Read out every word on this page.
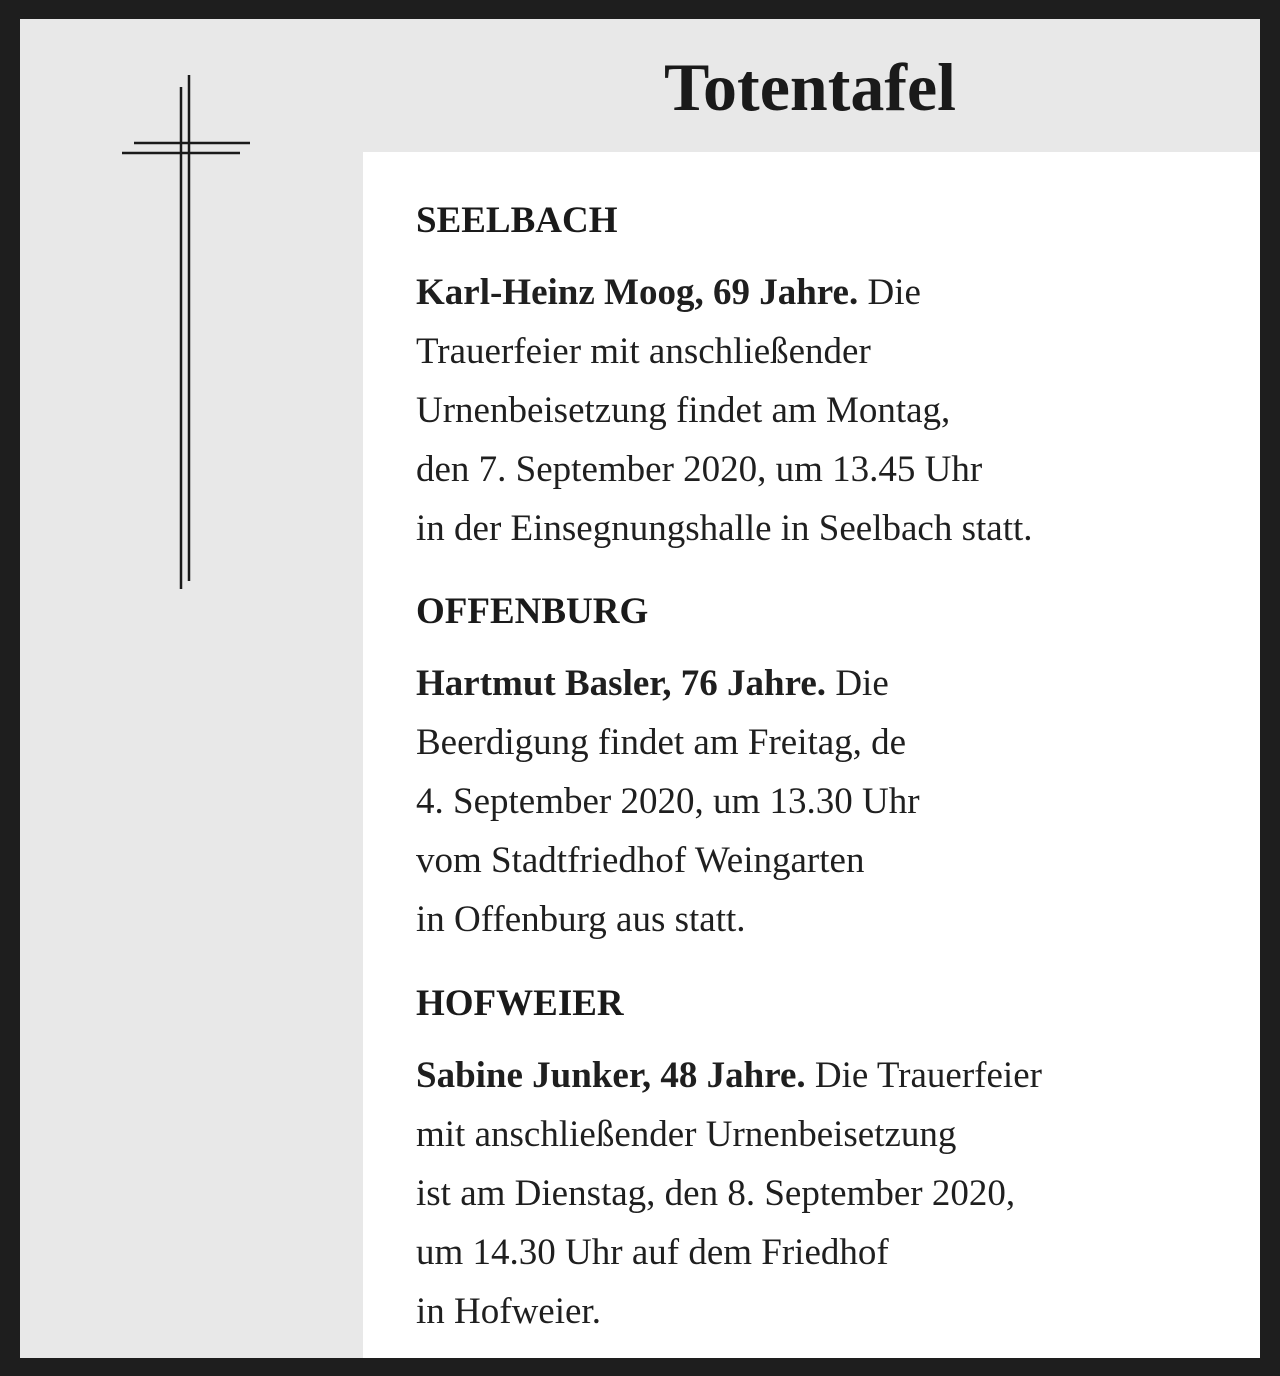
Totentafel
SEELBACH

Karl-Heinz Moog, 69 Jahre. Die
Trauerfeier mit anschließender
Urnenbeisetzung findet am Montag,
den 7. September 2020, um 13.45 Uhr
in der Einsegnungshalle in Seelbach statt.

OFFENBURG

Hartmut Basler, 76 Jahre. Die
Beerdigung findet am Freitag, de
4. September 2020, um 13.30 Uhr
vom Stadtfriedhof Weingarten
in Offenburg aus statt.

HOFWEIER

Sabine Junker, 48 Jahre. Die Trauerfeier
mit anschließender Urnenbeisetzung
ist am Dienstag, den 8. September 2020,
um 14.30 Uhr auf dem Friedhof
in Hofweier.
